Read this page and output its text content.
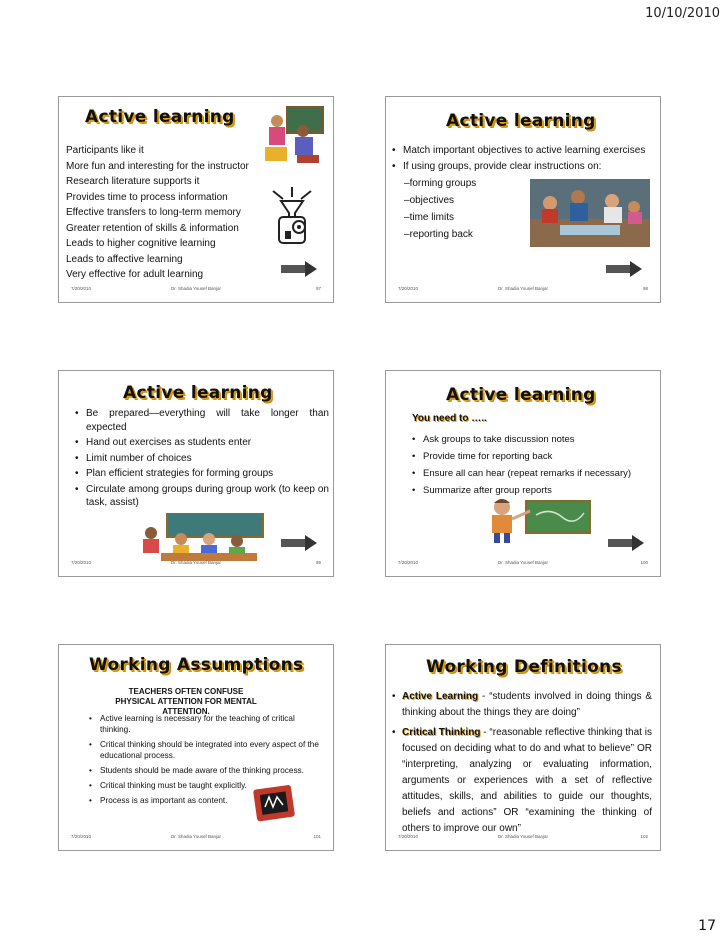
10/10/2010
Active learning
• Participants like it
• More fun and interesting for the instructor
• Research literature supports it
• Provides time to process information
• Effective transfers to long-term memory
• Greater retention of skills & information
• Leads to higher cognitive learning
• Leads to affective learning
• Very effective for adult learning
7/20/2010	Dr. Shadia Yousef Banjar	97
Active learning
• Match important objectives to active learning exercises
• If using groups, provide clear instructions on:
– forming groups
– objectives
– time limits
– reporting back
7/20/2010	Dr. Shadia Yousef Banjar	98
Active learning
• Be prepared—everything will take longer than expected
• Hand out exercises as students enter
• Limit number of choices
• Plan efficient strategies for forming groups
• Circulate among groups during group work (to keep on task, assist)
7/20/2010	Dr. Shadia Yousef Banjar	99
Active learning
You need to …..
• Ask groups to take discussion notes
• Provide time for reporting back
• Ensure all can hear (repeat remarks if necessary)
• Summarize after group reports
7/20/2010	Dr. Shadia Yousef Banjar	100
Working Assumptions
TEACHERS OFTEN CONFUSE PHYSICAL ATTENTION FOR MENTAL ATTENTION.
• Active learning is necessary for the teaching of critical thinking.
• Critical thinking should be integrated into every aspect of the educational process.
• Students should be made aware of the thinking process.
• Critical thinking must be taught explicitly.
• Process is as important as content.
7/20/2010	Dr. Shadia Yousef Banjar	101
Working Definitions
• Active Learning - “students involved in doing things & thinking about the things they are doing”
• Critical Thinking - “reasonable reflective thinking that is focused on deciding what to do and what to believe” OR “interpreting, analyzing or evaluating information, arguments or experiences with a set of reflective attitudes, skills, and abilities to guide our thoughts, beliefs and actions” OR “examining the thinking of others to improve our own”
7/20/2010	Dr. Shadia Yousef Banjar	102
17
